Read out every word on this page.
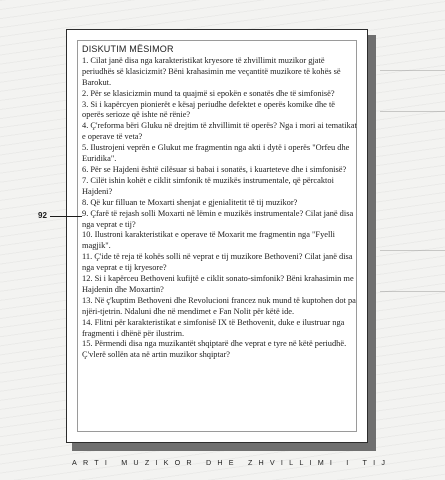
DISKUTIM MËSIMOR

1. Cilat janë disa nga karakteristikat kryesore të zhvillimit muzikor gjatë periudhës së klasicizmit? Bëni krahasimin me veçantitë muzikore të kohës së Barokut.

2. Për se klasicizmin mund ta quajmë si epokën e sonatës dhe të simfonisë?

3. Si i kapërcyen pionierët e kësaj periudhe defektet e operës komike dhe të operës serioze që ishte në rënie?

4. Ç'reforma bëri Gluku në drejtim të zhvillimit të operës? Nga i mori ai tematikat e operave të veta?

5. Ilustrojeni veprën e Glukut me fragmentin nga akti i dytë i operës "Orfeu dhe Euridika".

6. Për se Hajdeni është cilësuar si babai i sonatës, i kuarteteve dhe i simfonisë?

7. Cilët ishin kohët e ciklit simfonik të muzikës instrumentale, që përcaktoi Hajdeni?

8. Që kur filluan te Moxarti shenjat e gjenialitetit të tij muzikor?

9. Çfarë të rejash solli Moxarti në lëmin e muzikës instrumentale? Cilat janë disa nga veprat e tij?

10. Ilustroni karakteristikat e operave të Moxarit me fragmentin nga "Fyelli magjik".

11. Ç'ide të reja të kohës solli në veprat e tij muzikore Bethoveni? Cilat janë disa nga veprat e tij kryesore?

12. Si i kapërceu Bethoveni kufijtë e ciklit sonato-simfonik? Bëni krahasimin me Hajdenin dhe Moxartin?

13. Në ç'kuptim Bethoveni dhe Revolucioni francez nuk mund të kuptohen dot pa njëri-tjetrin. Ndaluni dhe në mendimet e Fan Nolit për këtë ide.

14. Flitni për karakteristikat e simfonisë IX të Bethovenit, duke e ilustruar nga fragmenti i dhënë për ilustrim.

15. Përmendi disa nga muzikantët shqiptarë dhe veprat e tyre në këtë periudhë. Ç'vlerë sollën ata në artin muzikor shqiptar?

92
ARTI MUZIKOR DHE ZHVILLIMI I TIJ
